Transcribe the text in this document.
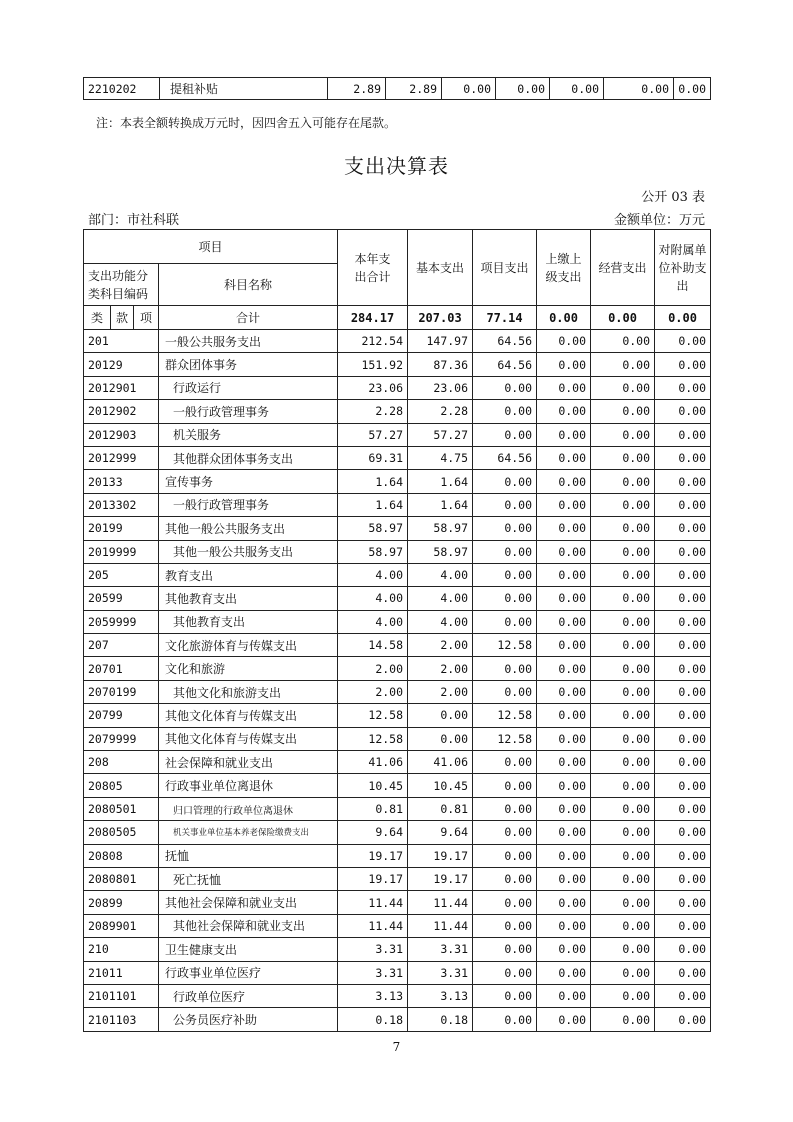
2210202	提租补贴	2.89	2.89	0.00	0.00	0.00	0.00	0.00
注：本表全额转换成万元时，因四舍五入可能存在尾款。
支出决算表
公开 03 表
部门：市社科联	金额单位：万元
项目				本年支出合计	基本支出	项目支出	上缴上级支出	经营支出	对附属单位补助支出
支出功能分类科目编码			科目名称						
类	款	项	合计	284.17	207.03	77.14	0.00	0.00	0.00
201			一般公共服务支出	212.54	147.97	64.56	0.00	0.00	0.00
20129			群众团体事务	151.92	87.36	64.56	0.00	0.00	0.00
2012901			行政运行	23.06	23.06	0.00	0.00	0.00	0.00
2012902			一般行政管理事务	2.28	2.28	0.00	0.00	0.00	0.00
2012903			机关服务	57.27	57.27	0.00	0.00	0.00	0.00
2012999			其他群众团体事务支出	69.31	4.75	64.56	0.00	0.00	0.00
20133			宣传事务	1.64	1.64	0.00	0.00	0.00	0.00
2013302			一般行政管理事务	1.64	1.64	0.00	0.00	0.00	0.00
20199			其他一般公共服务支出	58.97	58.97	0.00	0.00	0.00	0.00
2019999			其他一般公共服务支出	58.97	58.97	0.00	0.00	0.00	0.00
205			教育支出	4.00	4.00	0.00	0.00	0.00	0.00
20599			其他教育支出	4.00	4.00	0.00	0.00	0.00	0.00
2059999			其他教育支出	4.00	4.00	0.00	0.00	0.00	0.00
207			文化旅游体育与传媒支出	14.58	2.00	12.58	0.00	0.00	0.00
20701			文化和旅游	2.00	2.00	0.00	0.00	0.00	0.00
2070199			其他文化和旅游支出	2.00	2.00	0.00	0.00	0.00	0.00
20799			其他文化体育与传媒支出	12.58	0.00	12.58	0.00	0.00	0.00
2079999			其他文化体育与传媒支出	12.58	0.00	12.58	0.00	0.00	0.00
208			社会保障和就业支出	41.06	41.06	0.00	0.00	0.00	0.00
20805			行政事业单位离退休	10.45	10.45	0.00	0.00	0.00	0.00
2080501			归口管理的行政单位离退休	0.81	0.81	0.00	0.00	0.00	0.00
2080505			机关事业单位基本养老保险缴费支出	9.64	9.64	0.00	0.00	0.00	0.00
20808			抚恤	19.17	19.17	0.00	0.00	0.00	0.00
2080801			死亡抚恤	19.17	19.17	0.00	0.00	0.00	0.00
20899			其他社会保障和就业支出	11.44	11.44	0.00	0.00	0.00	0.00
2089901			其他社会保障和就业支出	11.44	11.44	0.00	0.00	0.00	0.00
210			卫生健康支出	3.31	3.31	0.00	0.00	0.00	0.00
21011			行政事业单位医疗	3.31	3.31	0.00	0.00	0.00	0.00
2101101			行政单位医疗	3.13	3.13	0.00	0.00	0.00	0.00
2101103			公务员医疗补助	0.18	0.18	0.00	0.00	0.00	0.00
7
